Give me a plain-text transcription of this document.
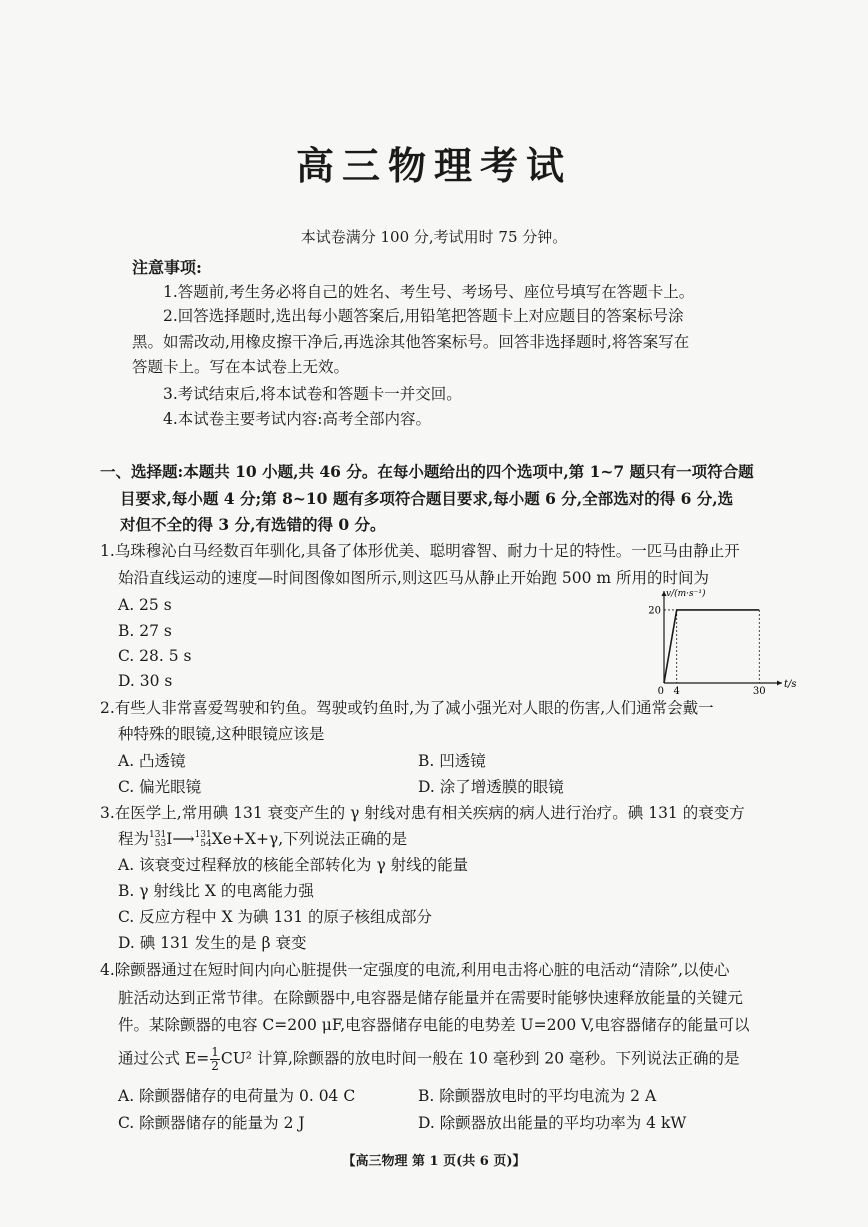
高三物理考试
本试卷满分 100 分,考试用时 75 分钟。
注意事项:
1.答题前,考生务必将自己的姓名、考生号、考场号、座位号填写在答题卡上。
2.回答选择题时,选出每小题答案后,用铅笔把答题卡上对应题目的答案标号涂
黑。如需改动,用橡皮擦干净后,再选涂其他答案标号。回答非选择题时,将答案写在
答题卡上。写在本试卷上无效。
3.考试结束后,将本试卷和答题卡一并交回。
4.本试卷主要考试内容:高考全部内容。
一、选择题:本题共 10 小题,共 46 分。在每小题给出的四个选项中,第 1~7 题只有一项符合题
目要求,每小题 4 分;第 8~10 题有多项符合题目要求,每小题 6 分,全部选对的得 6 分,选
对但不全的得 3 分,有选错的得 0 分。
1.乌珠穆沁白马经数百年驯化,具备了体形优美、聪明睿智、耐力十足的特性。一匹马由静止开
始沿直线运动的速度—时间图像如图所示,则这匹马从静止开始跑 500 m 所用的时间为
A. 25 s
B. 27 s
C. 28. 5 s
D. 30 s
v/(m·s⁻¹)
t/s
0 4	30
20
2.有些人非常喜爱驾驶和钓鱼。驾驶或钓鱼时,为了减小强光对人眼的伤害,人们通常会戴一
种特殊的眼镜,这种眼镜应该是
A. 凸透镜	B. 凹透镜
C. 偏光眼镜	D. 涂了增透膜的眼镜
3.在医学上,常用碘 131 衰变产生的 γ 射线对患有相关疾病的病人进行治疗。碘 131 的衰变方
程为 131
53 I⟶ 131
54 Xe+X+γ,下列说法正确的是
A. 该衰变过程释放的核能全部转化为 γ 射线的能量
B. γ 射线比 X 的电离能力强
C. 反应方程中 X 为碘 131 的原子核组成部分
D. 碘 131 发生的是 β 衰变
4.除颤器通过在短时间内向心脏提供一定强度的电流,利用电击将心脏的电活动“清除”,以使心
脏活动达到正常节律。在除颤器中,电容器是储存能量并在需要时能够快速释放能量的关键元
件。某除颤器的电容 C=200 μF,电容器储存电能的电势差 U=200 V,电容器储存的能量可以
通过公式 $E= \frac{1}{2} CU^2$ 计算,除颤器的放电时间一般在 10 毫秒到 20 毫秒。下列说法正确的是
A. 除颤器储存的电荷量为 0. 04 C	B. 除颤器放电时的平均电流为 2 A
C. 除颤器储存的能量为 2 J	D. 除颤器放出能量的平均功率为 4 kW
【高三物理 第 1 页(共 6 页)】
